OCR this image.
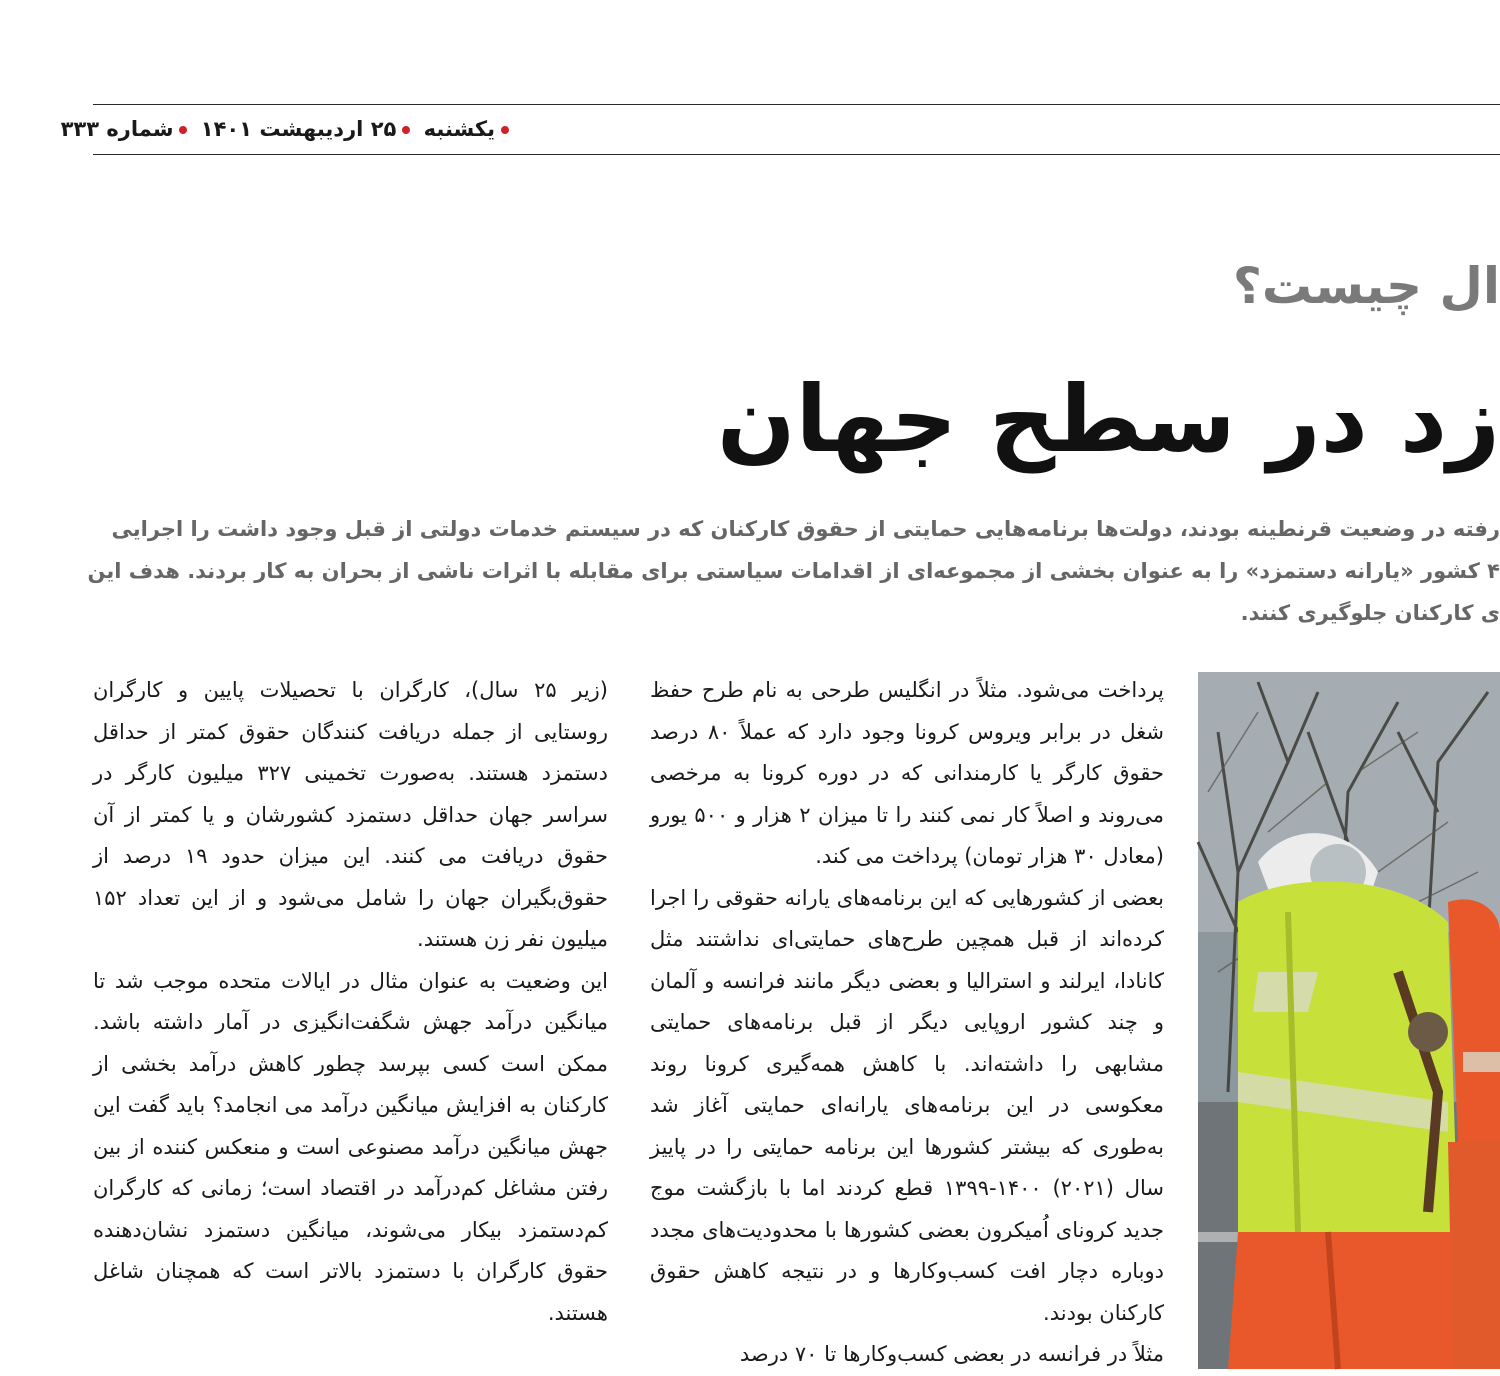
یکشنبه ۲۵ اردیبهشت ۱۴۰۱ شماره ۳۳۳
ال چیست؟
زد در سطح جهان
رفته در وضعیت قرنطینه بودند، دولت‌ها برنامه‌هایی حمایتی از حقوق کارکنان که در سیستم خدمات دولتی از قبل وجود داشت را اجرایی
۴ کشور «یارانه دستمزد» را به عنوان بخشی از مجموعه‌ای از اقدامات سیاستی برای مقابله با اثرات ناشی از بحران به کار بردند. هدف این
ی کارکنان جلوگیری کنند.

پرداخت می‌شود. مثلاً در انگلیس طرحی به نام طرح حفظ شغل در برابر ویروس کرونا وجود دارد که عملاً ۸۰ درصد حقوق کارگر یا کارمندانی که در دوره کرونا به مرخصی می‌روند و اصلاً کار نمی کنند را تا میزان ۲ هزار و ۵۰۰ یورو (معادل ۳۰ هزار تومان) پرداخت می کند.

بعضی از کشورهایی که این برنامه‌های یارانه حقوقی را اجرا کرده‌اند از قبل همچین طرح‌های حمایتی‌ای نداشتند مثل کانادا، ایرلند و استرالیا و بعضی دیگر مانند فرانسه و آلمان و چند کشور اروپایی دیگر از قبل برنامه‌های حمایتی مشابهی را داشته‌اند. با کاهش همه‌گیری کرونا روند معکوسی در این برنامه‌های یارانه‌ای حمایتی آغاز شد به‌طوری که بیشتر کشورها این برنامه حمایتی را در پاییز سال (۲۰۲۱) ۱۴۰۰-۱۳۹۹ قطع کردند اما با بازگشت موج جدید کرونای اُمیکرون بعضی کشورها با محدودیت‌های مجدد دوباره دچار افت کسب‌وکارها و در نتیجه کاهش حقوق کارکنان بودند.

مثلاً در فرانسه در بعضی کسب‌وکارها تا ۷۰ درصد

(زیر ۲۵ سال)، کارگران با تحصیلات پایین و کارگران روستایی از جمله دریافت کنندگان حقوق کمتر از حداقل دستمزد هستند. به‌صورت تخمینی ۳۲۷ میلیون کارگر در سراسر جهان حداقل دستمزد کشورشان و یا کمتر از آن حقوق دریافت می کنند. این میزان حدود ۱۹ درصد از حقوق‌بگیران جهان را شامل می‌شود و از این تعداد ۱۵۲ میلیون نفر زن هستند.

این وضعیت به عنوان مثال در ایالات متحده موجب شد تا میانگین درآمد جهش شگفت‌انگیزی در آمار داشته باشد. ممکن است کسی بپرسد چطور کاهش درآمد بخشی از کارکنان به افزایش میانگین درآمد می انجامد؟ باید گفت این جهش میانگین درآمد مصنوعی است و منعکس کننده از بین رفتن مشاغل کم‌درآمد در اقتصاد است؛ زمانی که کارگران کم‌دستمزد بیکار می‌شوند، میانگین دستمزد نشان‌دهنده حقوق کارگران با دستمزد بالاتر است که همچنان شاغل هستند.
